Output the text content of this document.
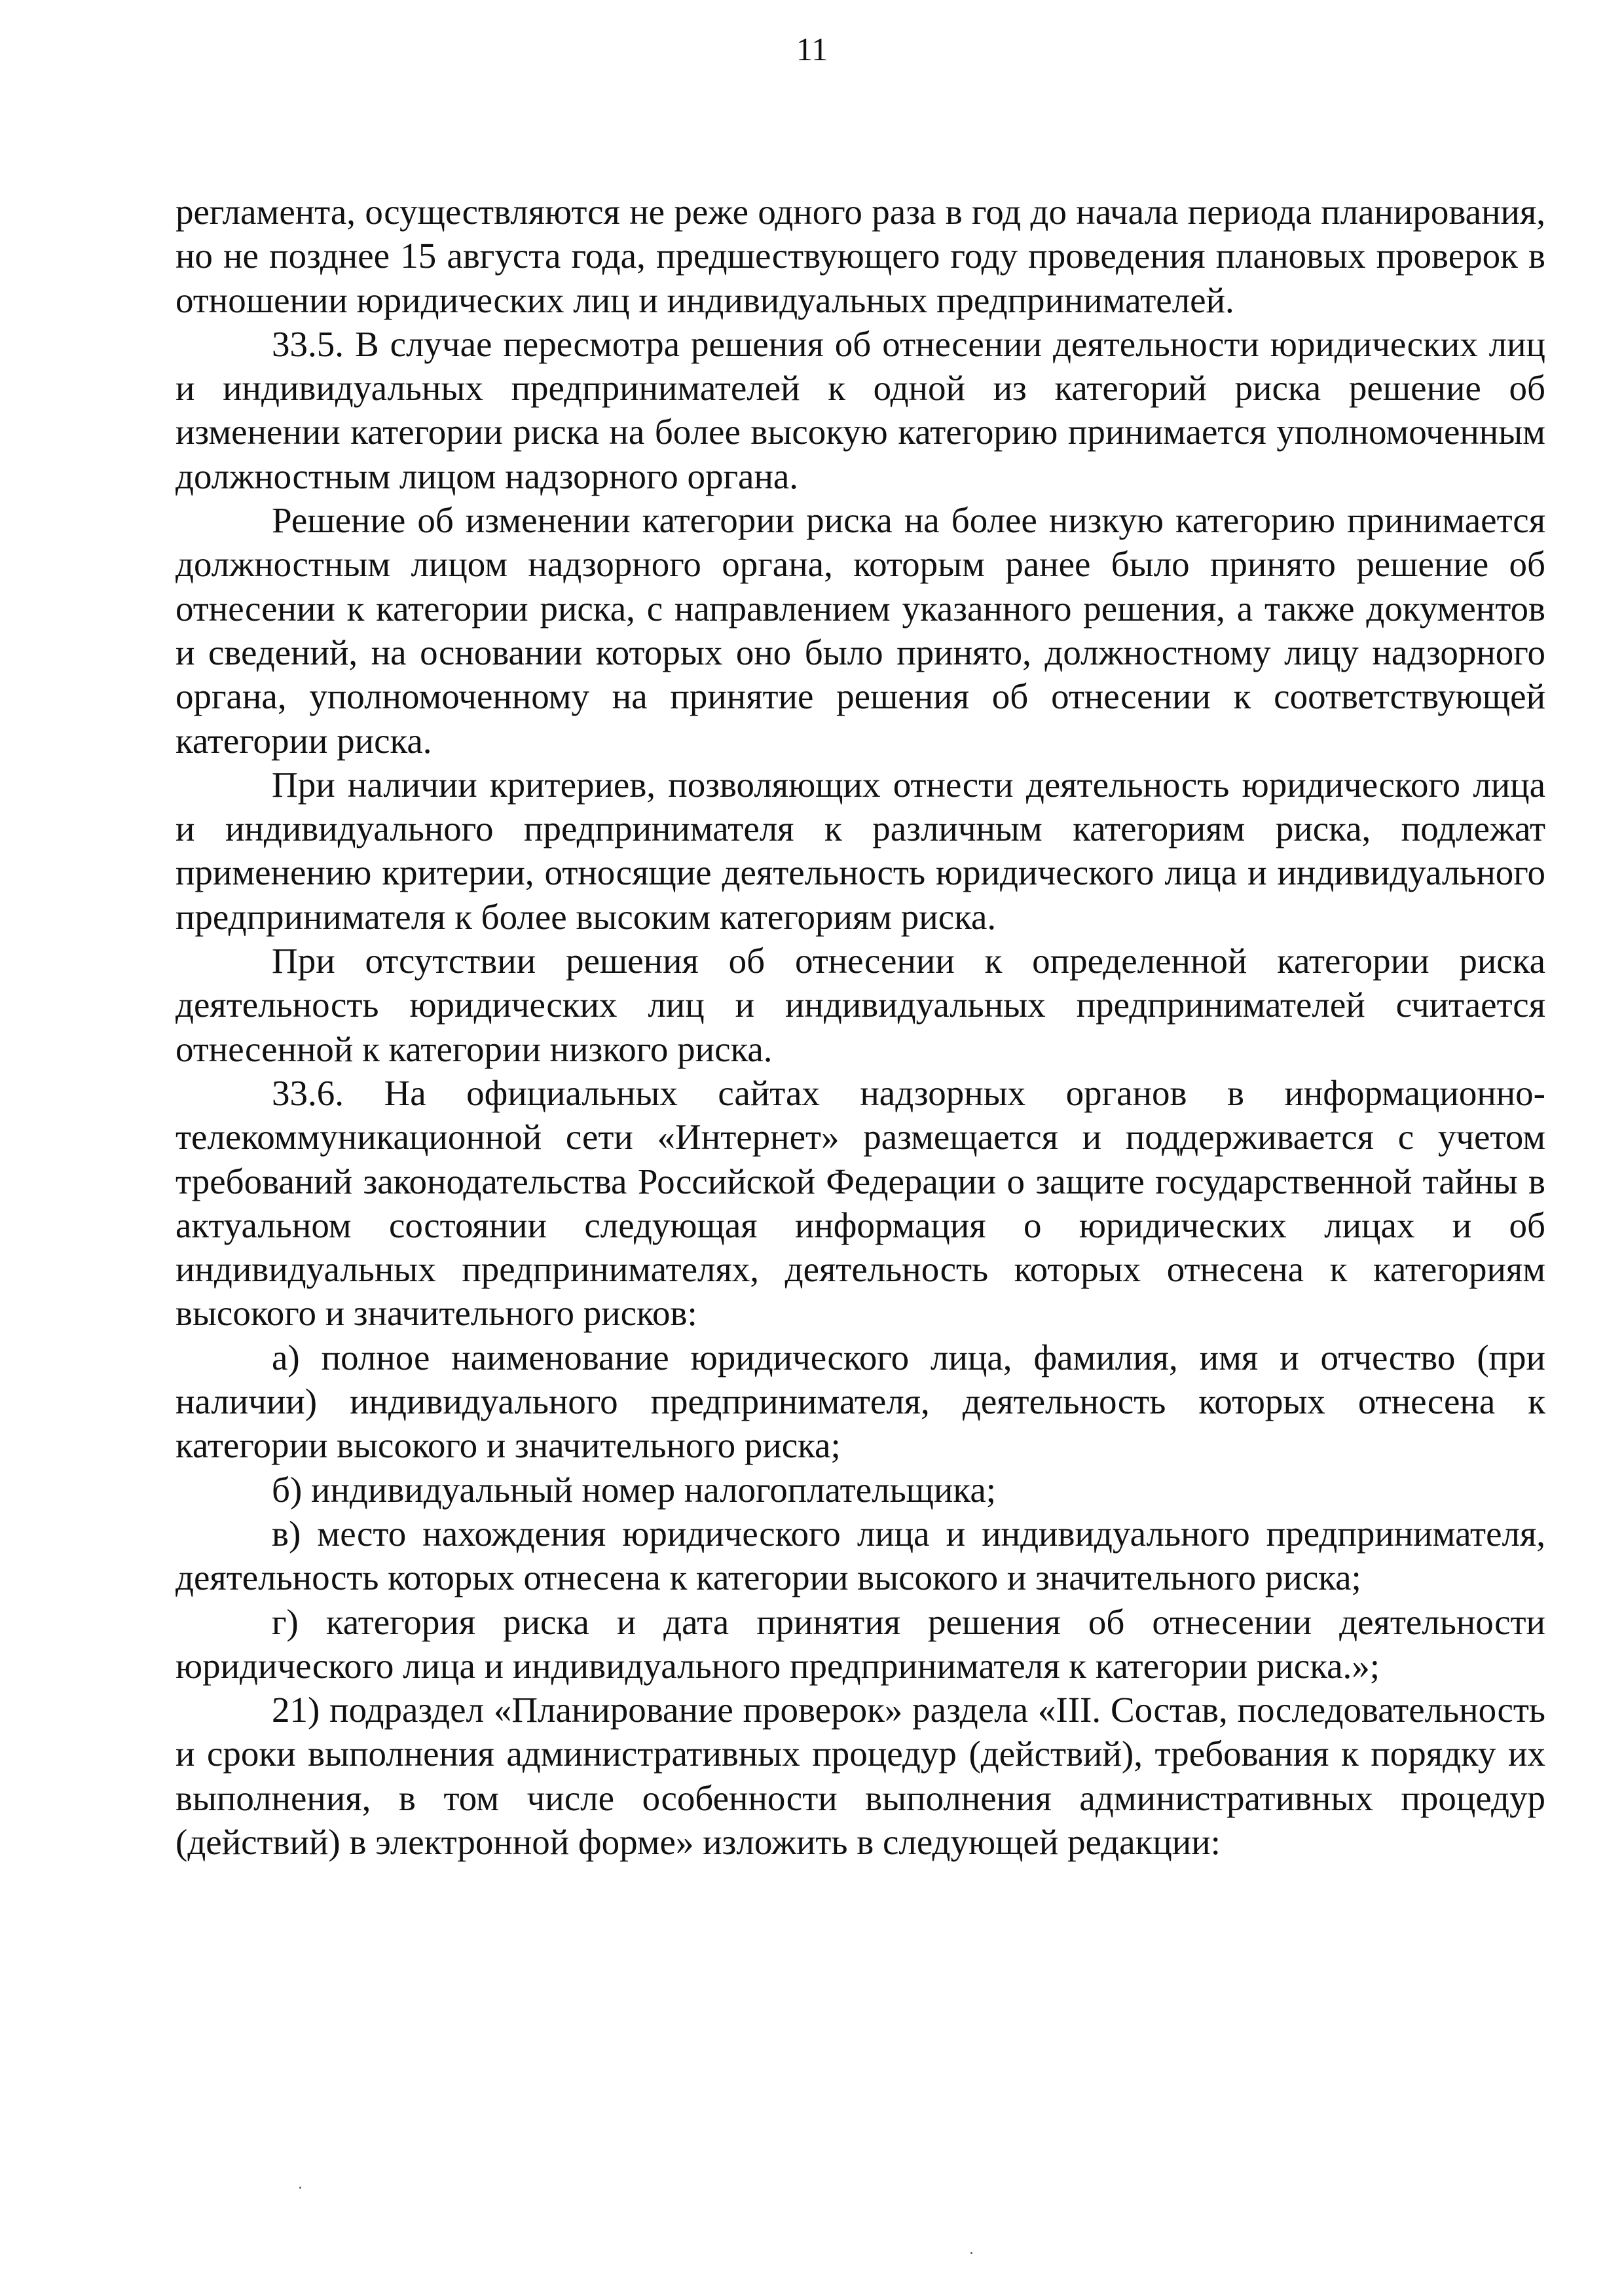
11

регламента, осуществляются не реже одного раза в год до начала периода планирования, но не позднее 15 августа года, предшествующего году проведения плановых проверок в отношении юридических лиц и индивидуальных предпринимателей.

33.5. В случае пересмотра решения об отнесении деятельности юридических лиц и индивидуальных предпринимателей к одной из категорий риска решение об изменении категории риска на более высокую категорию принимается уполномоченным должностным лицом надзорного органа.

Решение об изменении категории риска на более низкую категорию принимается должностным лицом надзорного органа, которым ранее было принято решение об отнесении к категории риска, с направлением указанного решения, а также документов и сведений, на основании которых оно было принято, должностному лицу надзорного органа, уполномоченному на принятие решения об отнесении к соответствующей категории риска.

При наличии критериев, позволяющих отнести деятельность юридического лица и индивидуального предпринимателя к различным категориям риска, подлежат применению критерии, относящие деятельность юридического лица и индивидуального предпринимателя к более высоким категориям риска.

При отсутствии решения об отнесении к определенной категории риска деятельность юридических лиц и индивидуальных предпринимателей считается отнесенной к категории низкого риска.

33.6. На официальных сайтах надзорных органов в информационно-телекоммуникационной сети «Интернет» размещается и поддерживается с учетом требований законодательства Российской Федерации о защите государственной тайны в актуальном состоянии следующая информация о юридических лицах и об индивидуальных предпринимателях, деятельность которых отнесена к категориям высокого и значительного рисков:

а) полное наименование юридического лица, фамилия, имя и отчество (при наличии) индивидуального предпринимателя, деятельность которых отнесена к категории высокого и значительного риска;

б) индивидуальный номер налогоплательщика;

в) место нахождения юридического лица и индивидуального предпринимателя, деятельность которых отнесена к категории высокого и значительного риска;

г) категория риска и дата принятия решения об отнесении деятельности юридического лица и индивидуального предпринимателя к категории риска.»;

21) подраздел «Планирование проверок» раздела «III. Состав, последовательность и сроки выполнения административных процедур (действий), требования к порядку их выполнения, в том числе особенности выполнения административных процедур (действий) в электронной форме» изложить в следующей редакции:
